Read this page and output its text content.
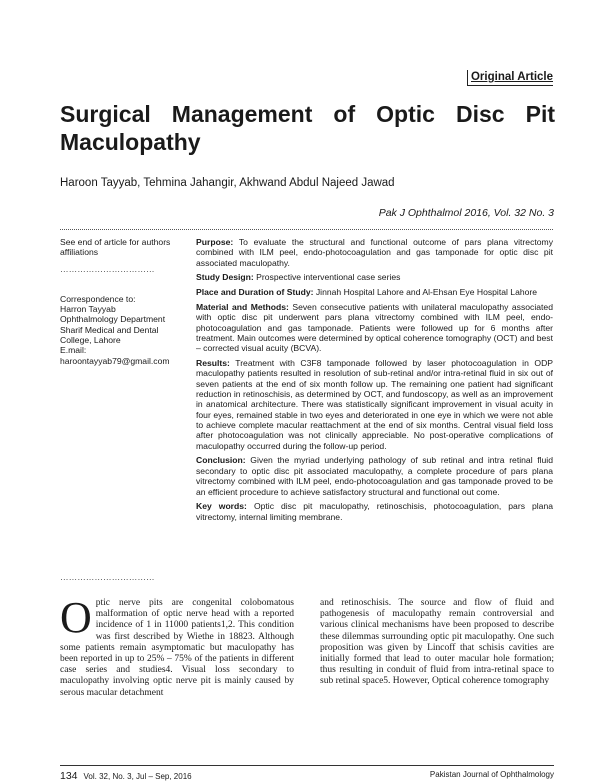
Original Article
Surgical Management of Optic Disc Pit
Maculopathy
Haroon Tayyab, Tehmina Jahangir, Akhwand Abdul Najeed Jawad
Pak J Ophthalmol 2016, Vol. 32 No. 3
See end of article for authors affiliations
……………………………
Correspondence to:
Harron Tayyab
Ophthalmology Department
Sharif Medical and Dental College, Lahore
E.mail:
haroontayyab79@gmail.com

Purpose: To evaluate the structural and functional outcome of pars plana vitrectomy combined with ILM peel, endo-photocoagulation and gas tamponade for optic disc pit associated maculopathy.

Study Design: Prospective interventional case series

Place and Duration of Study: Jinnah Hospital Lahore and Al-Ehsan Eye Hospital Lahore

Material and Methods: Seven consecutive patients with unilateral maculopathy associated with optic disc pit underwent pars plana vitrectomy combined with ILM peel, endo-photocoagulation and gas tamponade. Patients were followed up for 6 months after treatment. Main outcomes were determined by optical coherence tomography (OCT) and best – corrected visual acuity (BCVA).

Results: Treatment with C3F8 tamponade followed by laser photocoagulation in ODP maculopathy patients resulted in resolution of sub-retinal and/or intra-retinal fluid in six out of seven patients at the end of six month follow up. The remaining one patient had significant reduction in retinoschisis, as determined by OCT, and fundoscopy, as well as an improvement in anatomical architecture. There was statistically significant improvement in visual acuity in four eyes, remained stable in two eyes and deteriorated in one eye in which we were not able to achieve complete macular reattachment at the end of six months. Central visual field loss after photocoagulation was not clinically appreciable. No post-operative complications of maculopathy occurred during the follow-up period.

Conclusion: Given the myriad underlying pathology of sub retinal and intra retinal fluid secondary to optic disc pit associated maculopathy, a complete procedure of pars plana vitrectomy combined with ILM peel, endo-photocoagulation and gas tamponade proved to be an efficient procedure to achieve satisfactory structural and functional out come.

Key words: Optic disc pit maculopathy, retinoschisis, photocoagulation, pars plana vitrectomy, internal limiting membrane.

……………………………
Optic nerve pits are congenital colobomatous malformation of optic nerve head with a reported incidence of 1 in 11000 patients1,2. This condition was first described by Wiethe in 18823. Although some patients remain asymptomatic but maculopathy has been reported in up to 25% – 75% of the patients in different case series and studies4. Visual loss secondary to maculopathy involving optic nerve pit is mainly caused by serous macular detachment
and retinoschisis. The source and flow of fluid and pathogenesis of maculopathy remain controversial and various clinical mechanisms have been proposed to describe these dilemmas surrounding optic pit maculopathy. One such proposition was given by Lincoff that schisis cavities are initially formed that lead to outer macular hole formation; thus resulting in conduit of fluid from intra-retinal space to sub retinal space5. However, Optical coherence tomography
134 Vol. 32, No. 3, Jul – Sep, 2016	Pakistan Journal of Ophthalmology
